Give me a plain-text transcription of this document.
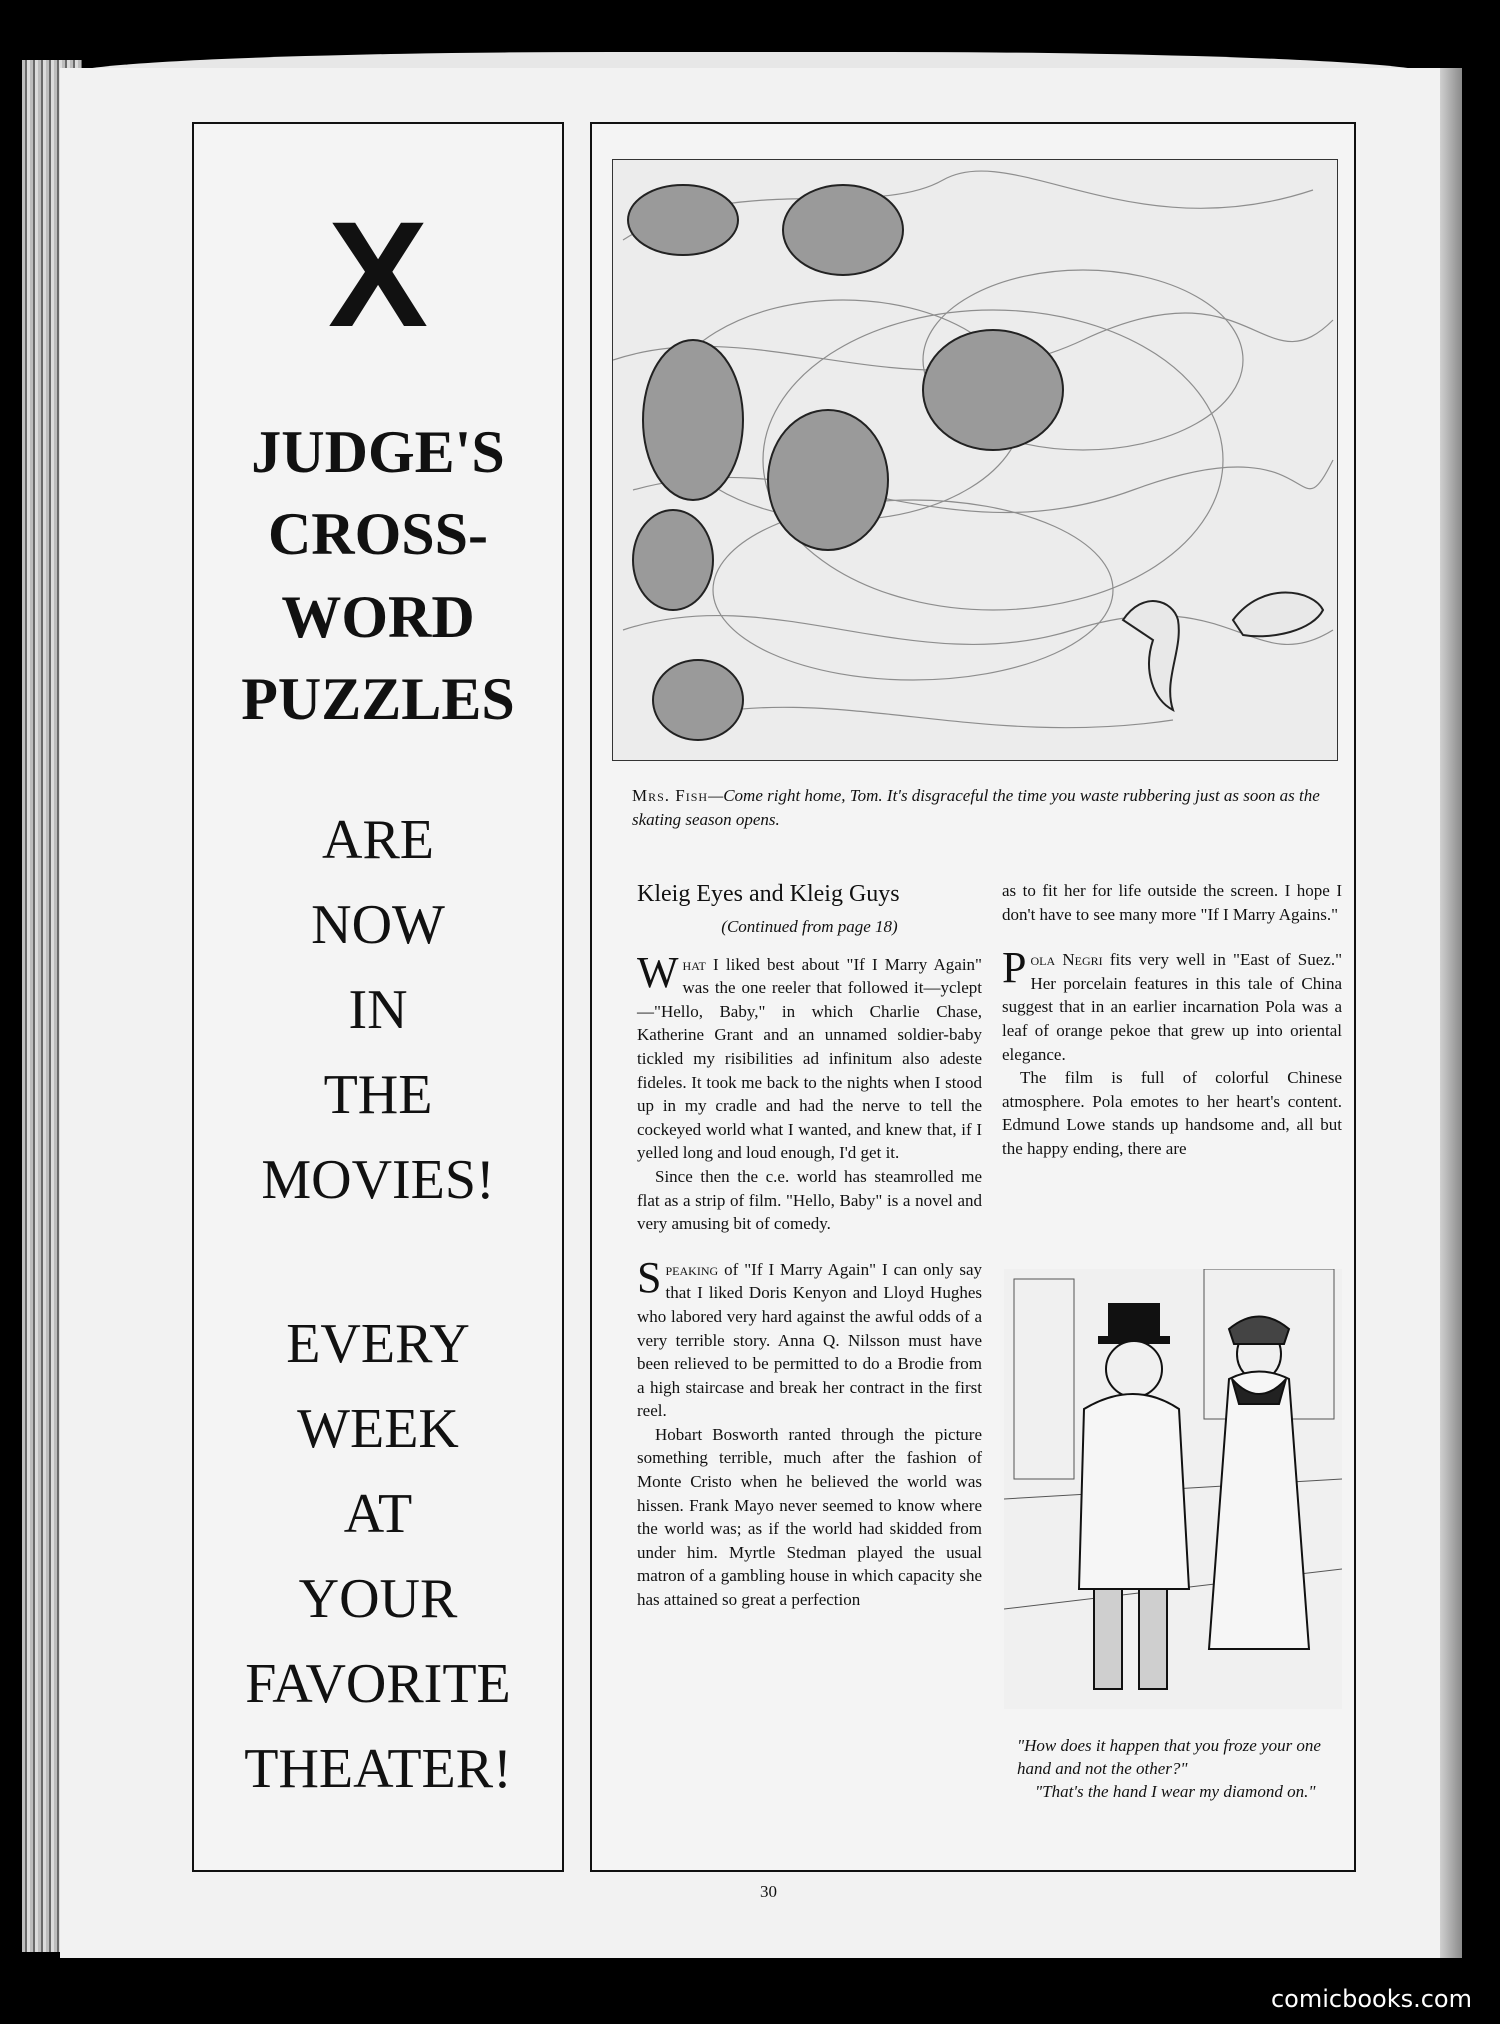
X
JUDGE'S
CROSS-
WORD
PUZZLES
ARE
NOW
IN
THE
MOVIES!
EVERY
WEEK
AT
YOUR
FAVORITE
THEATER!
Mrs. Fish—Come right home, Tom. It's disgraceful the time you waste rubbering just as soon as the skating season opens.

Kleig Eyes and Kleig Guys

(Continued from page 18)

What I liked best about "If I Marry Again" was the one reeler that followed it—yclept—"Hello, Baby," in which Charlie Chase, Katherine Grant and an unnamed soldier-baby tickled my risibilities ad infinitum also adeste fideles. It took me back to the nights when I stood up in my cradle and had the nerve to tell the cockeyed world what I wanted, and knew that, if I yelled long and loud enough, I'd get it.

Since then the c.e. world has steamrolled me flat as a strip of film. "Hello, Baby" is a novel and very amusing bit of comedy.

Speaking of "If I Marry Again" I can only say that I liked Doris Kenyon and Lloyd Hughes who labored very hard against the awful odds of a very terrible story. Anna Q. Nilsson must have been relieved to be permitted to do a Brodie from a high staircase and break her contract in the first reel.

Hobart Bosworth ranted through the picture something terrible, much after the fashion of Monte Cristo when he believed the world was hissen. Frank Mayo never seemed to know where the world was; as if the world had skidded from under him. Myrtle Stedman played the usual matron of a gambling house in which capacity she has attained so great a perfection

as to fit her for life outside the screen. I hope I don't have to see many more "If I Marry Agains."

Pola Negri fits very well in "East of Suez." Her porcelain features in this tale of China suggest that in an earlier incarnation Pola was a leaf of orange pekoe that grew up into oriental elegance.

The film is full of colorful Chinese atmosphere. Pola emotes to her heart's content. Edmund Lowe stands up handsome and, all but the happy ending, there are

"How does it happen that you froze your one hand and not the other?"
"That's the hand I wear my diamond on."
30
comicbooks.com
